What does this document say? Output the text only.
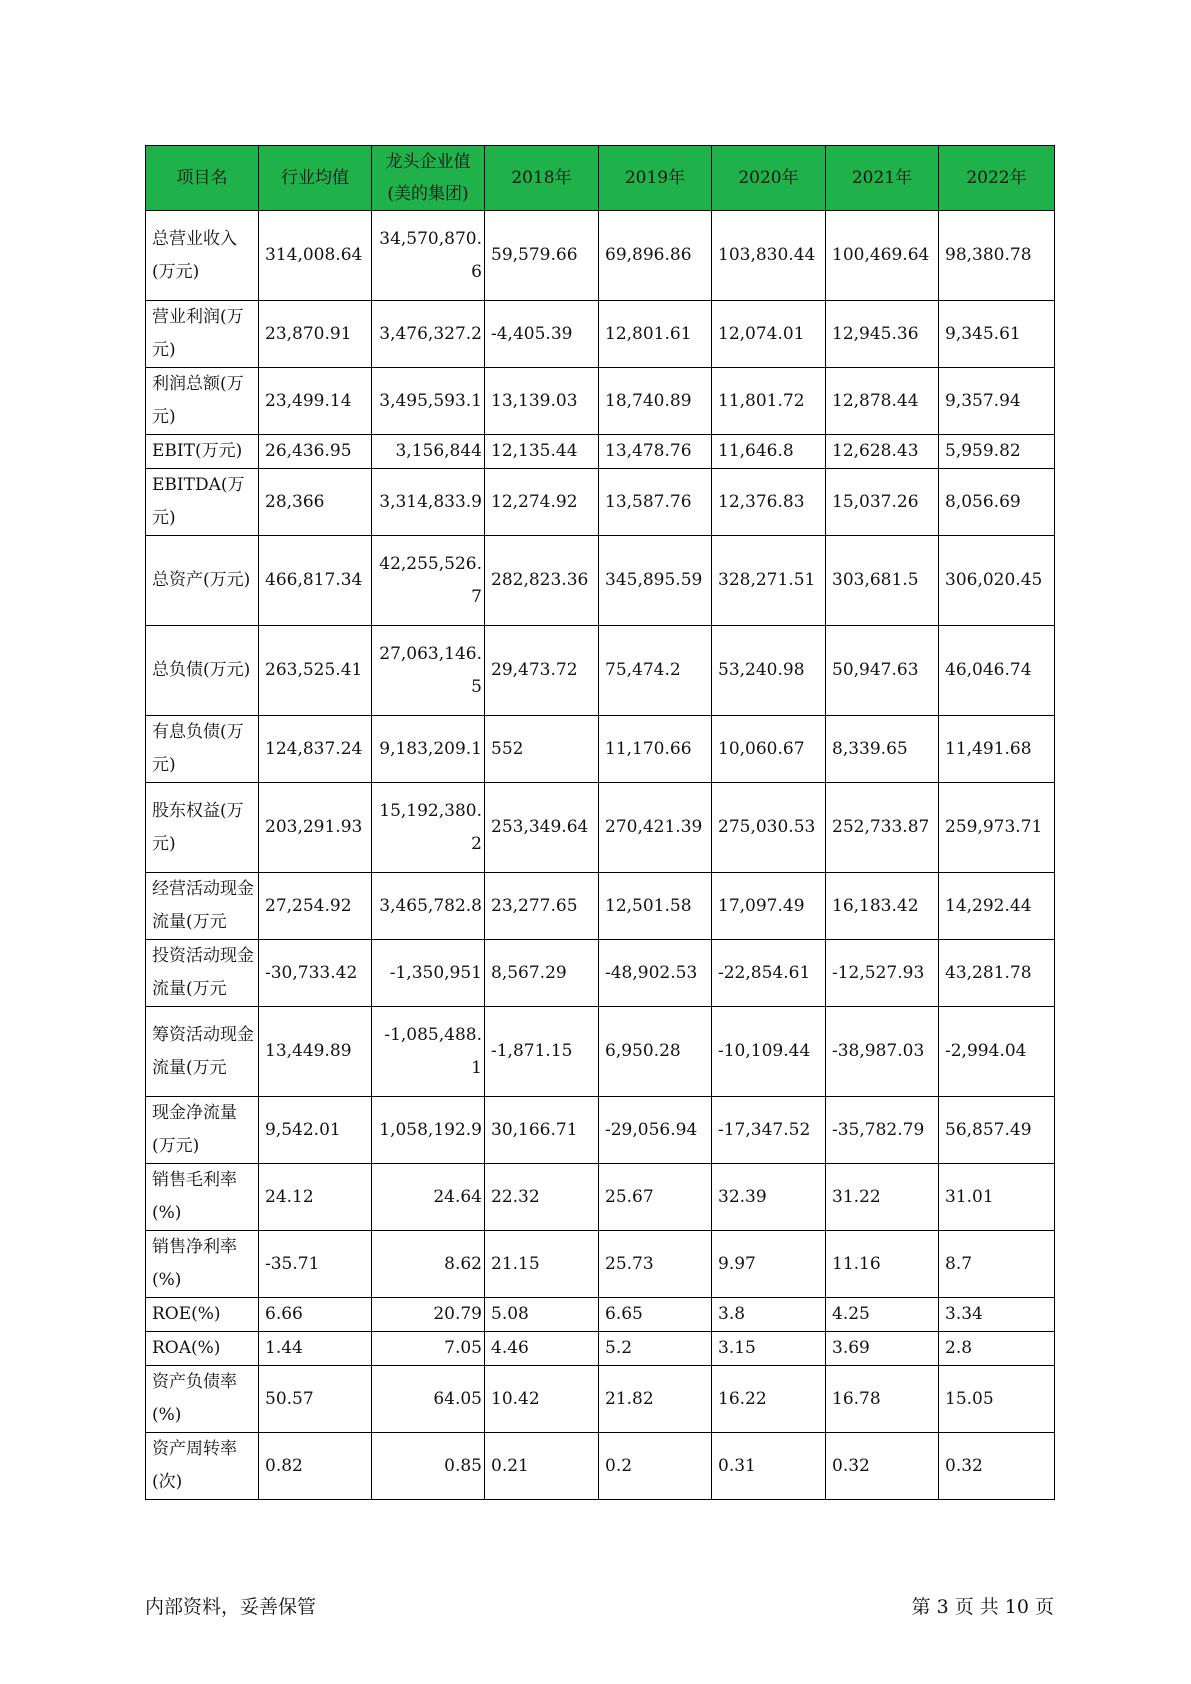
项目名	行业均值	龙头企业值(美的集团)	2018年	2019年	2020年	2021年	2022年
总营业收入(万元)	314,008.64	34,570,870.6	59,579.66	69,896.86	103,830.44	100,469.64	98,380.78
营业利润(万元)	23,870.91	3,476,327.2	-4,405.39	12,801.61	12,074.01	12,945.36	9,345.61
利润总额(万元)	23,499.14	3,495,593.1	13,139.03	18,740.89	11,801.72	12,878.44	9,357.94
EBIT(万元)	26,436.95	3,156,844	12,135.44	13,478.76	11,646.8	12,628.43	5,959.82
EBITDA(万元)	28,366	3,314,833.9	12,274.92	13,587.76	12,376.83	15,037.26	8,056.69
总资产(万元)	466,817.34	42,255,526.7	282,823.36	345,895.59	328,271.51	303,681.5	306,020.45
总负债(万元)	263,525.41	27,063,146.5	29,473.72	75,474.2	53,240.98	50,947.63	46,046.74
有息负债(万元)	124,837.24	9,183,209.1	552	11,170.66	10,060.67	8,339.65	11,491.68
股东权益(万元)	203,291.93	15,192,380.2	253,349.64	270,421.39	275,030.53	252,733.87	259,973.71
经营活动现金流量(万元	27,254.92	3,465,782.8	23,277.65	12,501.58	17,097.49	16,183.42	14,292.44
投资活动现金流量(万元	-30,733.42	-1,350,951	8,567.29	-48,902.53	-22,854.61	-12,527.93	43,281.78
筹资活动现金流量(万元	13,449.89	-1,085,488.1	-1,871.15	6,950.28	-10,109.44	-38,987.03	-2,994.04
现金净流量(万元)	9,542.01	1,058,192.9	30,166.71	-29,056.94	-17,347.52	-35,782.79	56,857.49
销售毛利率(%)	24.12	24.64	22.32	25.67	32.39	31.22	31.01
销售净利率(%)	-35.71	8.62	21.15	25.73	9.97	11.16	8.7
ROE(%)	6.66	20.79	5.08	6.65	3.8	4.25	3.34
ROA(%)	1.44	7.05	4.46	5.2	3.15	3.69	2.8
资产负债率(%)	50.57	64.05	10.42	21.82	16.22	16.78	15.05
资产周转率(次)	0.82	0.85	0.21	0.2	0.31	0.32	0.32
内部资料，妥善保管	第 3 页 共 10 页
